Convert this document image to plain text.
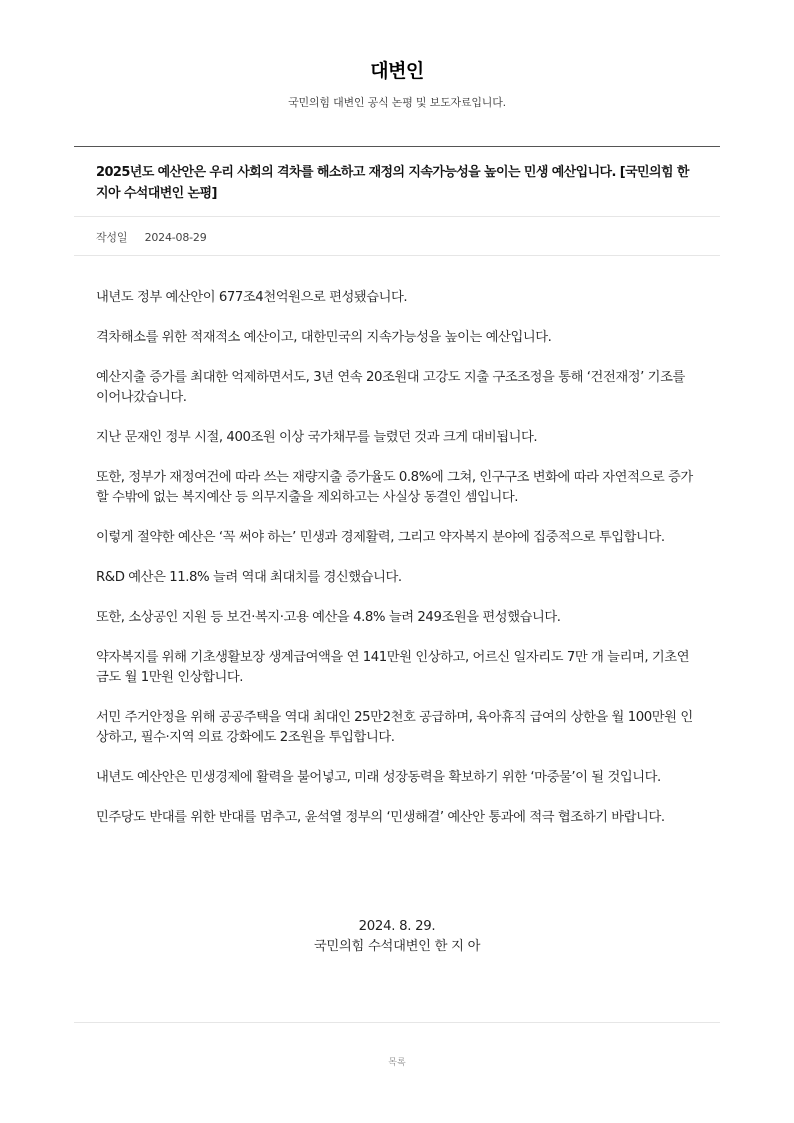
대변인
국민의힘 대변인 공식 논평 및 보도자료입니다.
2025년도 예산안은 우리 사회의 격차를 해소하고 재정의 지속가능성을 높이는 민생 예산입니다. [국민의힘 한지아 수석대변인 논평]
작성일 2024-08-29

내년도 정부 예산안이 677조4천억원으로 편성됐습니다.

격차해소를 위한 적재적소 예산이고, 대한민국의 지속가능성을 높이는 예산입니다.

예산지출 증가를 최대한 억제하면서도, 3년 연속 20조원대 고강도 지출 구조조정을 통해 ‘건전재정’ 기조를 이어나갔습니다.

지난 문재인 정부 시절, 400조원 이상 국가채무를 늘렸던 것과 크게 대비됩니다.

또한, 정부가 재정여건에 따라 쓰는 재량지출 증가율도 0.8%에 그쳐, 인구구조 변화에 따라 자연적으로 증가할 수밖에 없는 복지예산 등 의무지출을 제외하고는 사실상 동결인 셈입니다.

이렇게 절약한 예산은 ‘꼭 써야 하는’ 민생과 경제활력, 그리고 약자복지 분야에 집중적으로 투입합니다.

R&D 예산은 11.8% 늘려 역대 최대치를 경신했습니다.

또한, 소상공인 지원 등 보건·복지·고용 예산을 4.8% 늘려 249조원을 편성했습니다.

약자복지를 위해 기초생활보장 생계급여액을 연 141만원 인상하고, 어르신 일자리도 7만 개 늘리며, 기초연금도 월 1만원 인상합니다.

서민 주거안정을 위해 공공주택을 역대 최대인 25만2천호 공급하며, 육아휴직 급여의 상한을 월 100만원 인상하고, 필수·지역 의료 강화에도 2조원을 투입합니다.

내년도 예산안은 민생경제에 활력을 불어넣고, 미래 성장동력을 확보하기 위한 ‘마중물’이 될 것입니다.

민주당도 반대를 위한 반대를 멈추고, 윤석열 정부의 ‘민생해결’ 예산안 통과에 적극 협조하기 바랍니다.

2024. 8. 29.
국민의힘 수석대변인 한 지 아
목록
